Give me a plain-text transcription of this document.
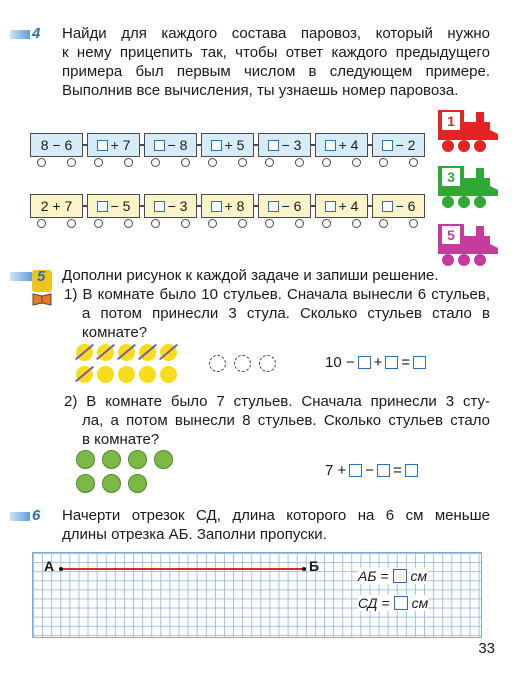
4 Найди для каждого состава паровоз, который нужно
к нему прицепить так, чтобы ответ каждого предыдущего
примера был первым числом в следующем примере.
Выполнив все вычисления, ты узнаешь номер паровоза.
8 − 6	+ 7	− 8	+ 5	− 3	+ 4	− 2
2 + 7	− 5	− 3	+ 8	− 6	+ 4	− 6
1
3
5
5 Дополни рисунок к каждой задаче и запиши решение.
1) В комнате было 10 стульев. Сначала вынесли 6 стульев,
а потом принесли 3 стула. Сколько стульев стало в
комнате?
10 − + =
2) В комнате было 7 стульев. Сначала принесли 3 сту-
ла, а потом вынесли 8 стульев. Сколько стульев стало
в комнате?
7 + − =
6 Начерти отрезок СД, длина которого на 6 см меньше
длины отрезка АБ. Заполни пропуски.
А	Б
АБ = см
СД = см
33
